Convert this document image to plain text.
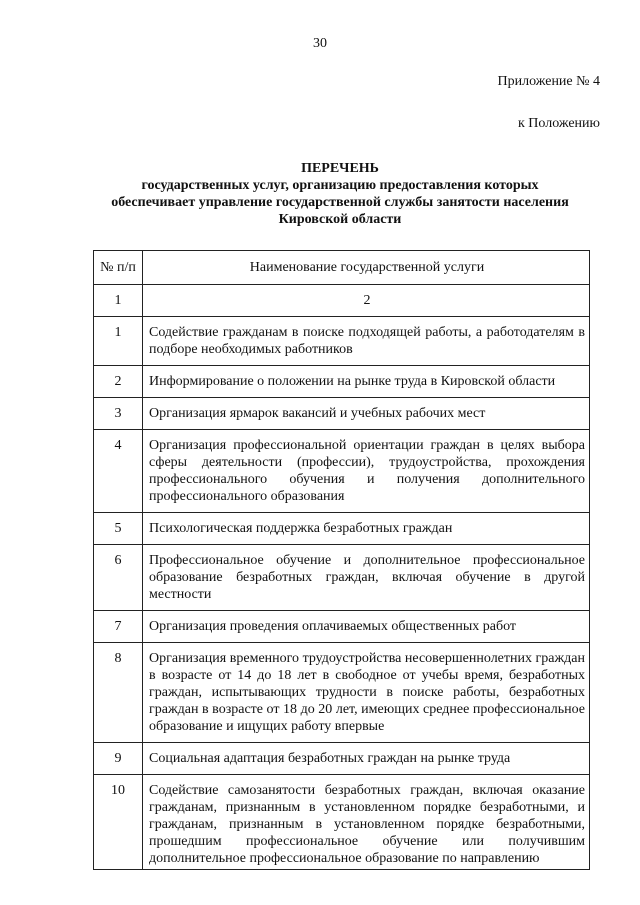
30
Приложение № 4
к Положению
ПЕРЕЧЕНЬ
государственных услуг, организацию предоставления которых
обеспечивает управление государственной службы занятости населения
Кировской области
№ п/п	Наименование государственной услуги
1	2
1	Содействие гражданам в поиске подходящей работы, а работодателям в подборе необходимых работников
2	Информирование о положении на рынке труда в Кировской области
3	Организация ярмарок вакансий и учебных рабочих мест
4	Организация профессиональной ориентации граждан в целях выбора сферы деятельности (профессии), трудоустройства, прохождения профессионального обучения и получения дополнительного профессионального образования
5	Психологическая поддержка безработных граждан
6	Профессиональное обучение и дополнительное профессиональное образование безработных граждан, включая обучение в другой местности
7	Организация проведения оплачиваемых общественных работ
8	Организация временного трудоустройства несовершеннолетних граждан в возрасте от 14 до 18 лет в свободное от учебы время, безработных граждан, испытывающих трудности в поиске работы, безработных граждан в возрасте от 18 до 20 лет, имеющих среднее профессиональное образование и ищущих работу впервые
9	Социальная адаптация безработных граждан на рынке труда
10	Содействие самозанятости безработных граждан, включая оказание гражданам, признанным в установленном порядке безработными, и гражданам, признанным в установленном порядке безработными, прошедшим профессиональное обучение или получившим дополнительное профессиональное образование по направлению
